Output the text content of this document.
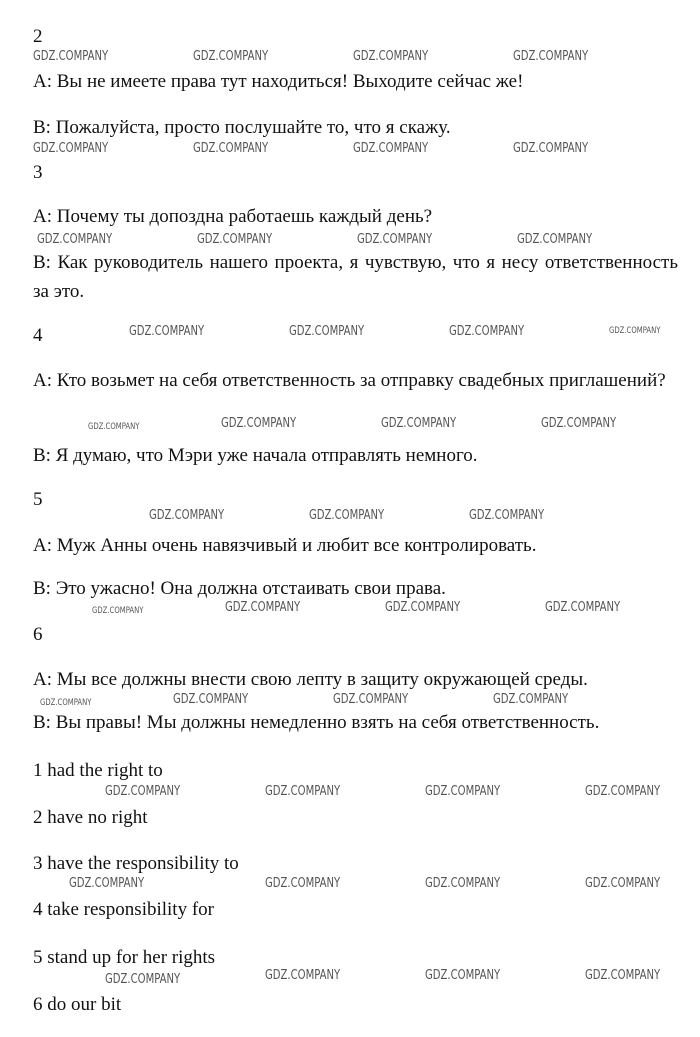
2
A: Вы не имеете права тут находиться! Выходите сейчас же!
B: Пожалуйста, просто послушайте то, что я скажу.
3
A: Почему ты допоздна работаешь каждый день?
B: Как руководитель нашего проекта, я чувствую, что я несу ответственность за это.
4
A: Кто возьмет на себя ответственность за отправку свадебных приглашений?
B: Я думаю, что Мэри уже начала отправлять немного.
5
A: Муж Анны очень навязчивый и любит все контролировать.
B: Это ужасно! Она должна отстаивать свои права.
6
A: Мы все должны внести свою лепту в защиту окружающей среды.
B: Вы правы! Мы должны немедленно взять на себя ответственность.
1 had the right to
2 have no right
3 have the responsibility to
4 take responsibility for
5 stand up for her rights
6 do our bit
GDZ.COMPANY	GDZ.COMPANY	GDZ.COMPANY	GDZ.COMPANY
GDZ.COMPANY	GDZ.COMPANY	GDZ.COMPANY	GDZ.COMPANY
GDZ.COMPANY	GDZ.COMPANY	GDZ.COMPANY	GDZ.COMPANY
GDZ.COMPANY	GDZ.COMPANY	GDZ.COMPANY	GDZ.COMPANY
GDZ.COMPANY	GDZ.COMPANY	GDZ.COMPANY	GDZ.COMPANY
GDZ.COMPANY	GDZ.COMPANY	GDZ.COMPANY
GDZ.COMPANY	GDZ.COMPANY	GDZ.COMPANY	GDZ.COMPANY
GDZ.COMPANY	GDZ.COMPANY	GDZ.COMPANY	GDZ.COMPANY
GDZ.COMPANY	GDZ.COMPANY	GDZ.COMPANY	GDZ.COMPANY
GDZ.COMPANY	GDZ.COMPANY	GDZ.COMPANY	GDZ.COMPANY
GDZ.COMPANY	GDZ.COMPANY	GDZ.COMPANY	GDZ.COMPANY
